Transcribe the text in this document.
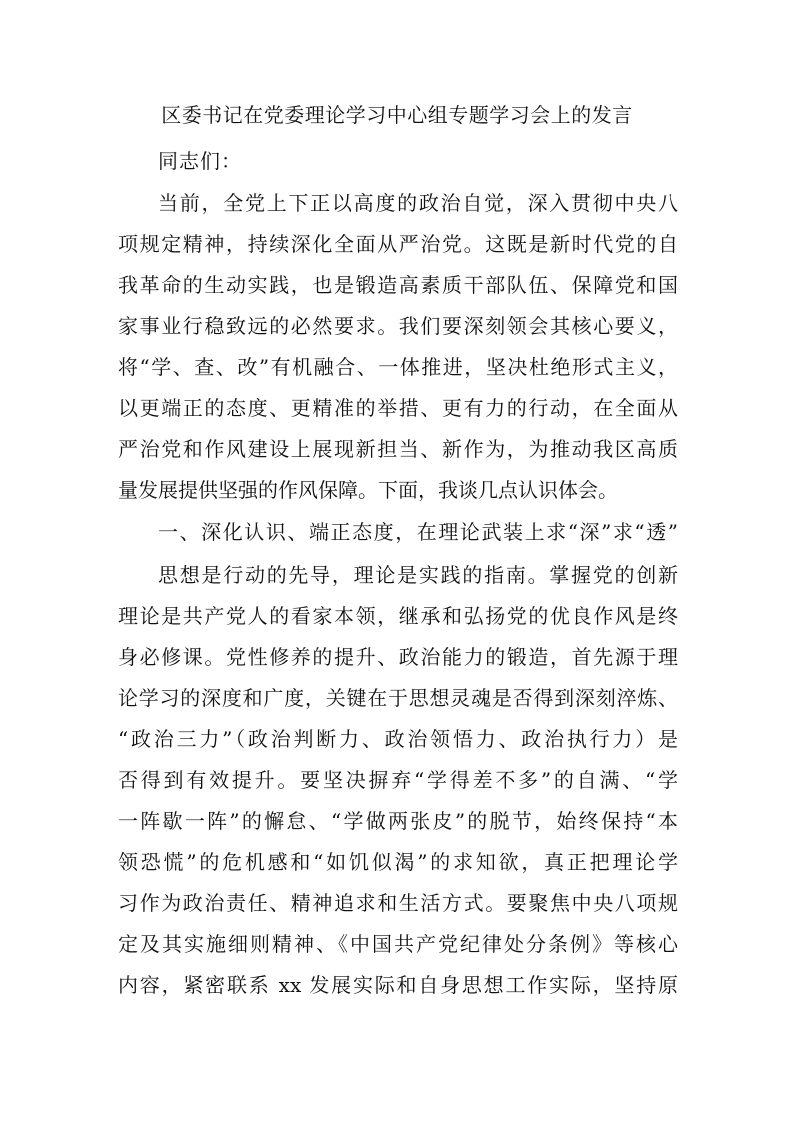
区委书记在党委理论学习中心组专题学习会上的发言
同志们：
当前，全党上下正以高度的政治自觉，深入贯彻中央八
项规定精神，持续深化全面从严治党。这既是新时代党的自
我革命的生动实践，也是锻造高素质干部队伍、保障党和国
家事业行稳致远的必然要求。我们要深刻领会其核心要义，
将“学、查、改”有机融合、一体推进，坚决杜绝形式主义，
以更端正的态度、更精准的举措、更有力的行动，在全面从
严治党和作风建设上展现新担当、新作为，为推动我区高质
量发展提供坚强的作风保障。下面，我谈几点认识体会。
一、深化认识、端正态度，在理论武装上求“深”求“透”
思想是行动的先导，理论是实践的指南。掌握党的创新
理论是共产党人的看家本领，继承和弘扬党的优良作风是终
身必修课。党性修养的提升、政治能力的锻造，首先源于理
论学习的深度和广度，关键在于思想灵魂是否得到深刻淬炼、
“政治三力”（政治判断力、政治领悟力、政治执行力）是
否得到有效提升。要坚决摒弃“学得差不多”的自满、“学
一阵歇一阵”的懈怠、“学做两张皮”的脱节，始终保持“本
领恐慌”的危机感和“如饥似渴”的求知欲，真正把理论学
习作为政治责任、精神追求和生活方式。要聚焦中央八项规
定及其实施细则精神、《中国共产党纪律处分条例》等核心
内容，紧密联系 xx 发展实际和自身思想工作实际，坚持原
